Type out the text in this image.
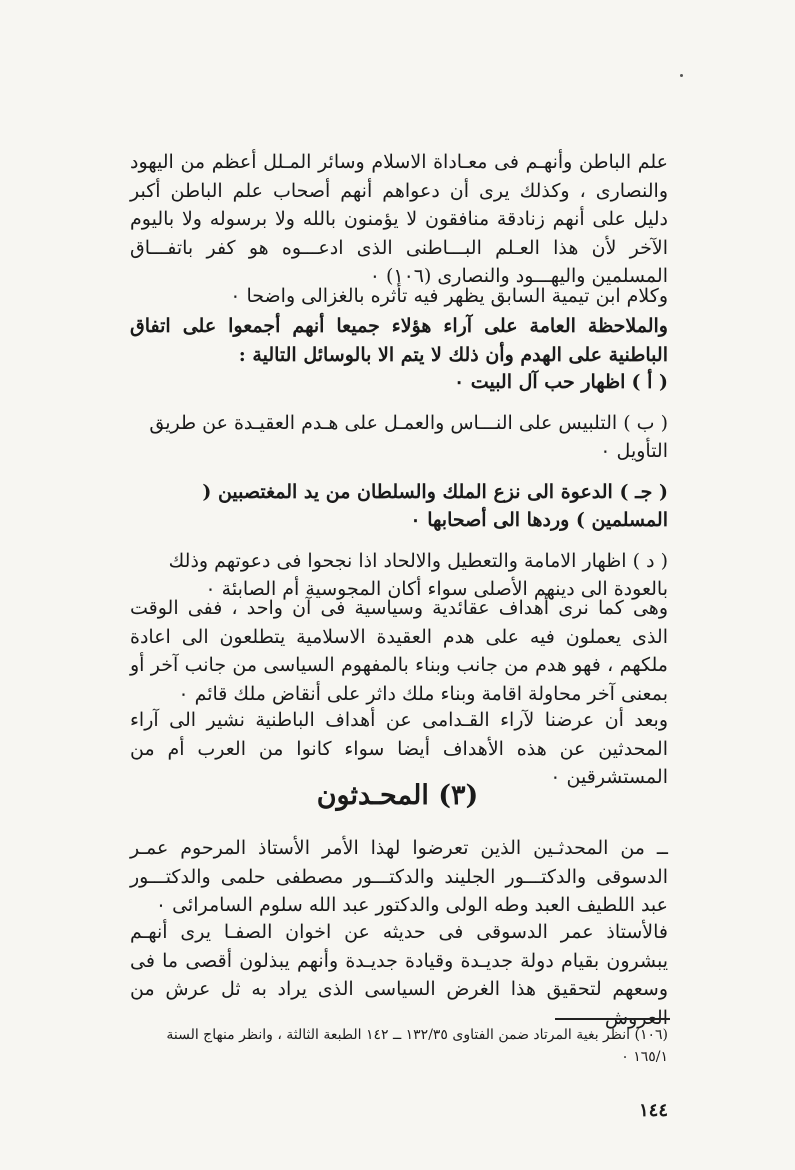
علم الباطن وأنهـم فى معـاداة الاسلام وسائر المـلل أعظم من اليهود والنصارى ، وكذلك يرى أن دعواهم أنهم أصحاب علم الباطن أكبر دليل على أنهم زنادقة منافقون لا يؤمنون بالله ولا برسوله ولا باليوم الآخر لأن هذا العـلم البـــاطنى الذى ادعـــوه هو كفر باتفـــاق المسلمين واليهـــود والنصارى (١٠٦) ٠

وكلام ابن تيمية السابق يظهر فيه تأثره بالغزالى واضحا ٠

والملاحظة العامة على آراء هؤلاء جميعا أنهم أجمعوا على اتفاق الباطنية على الهدم وأن ذلك لا يتم الا بالوسائل التالية :

( أ ) اظهار حب آل البيت ٠
( ب ) التلبيس على النـــاس والعمـل على هـدم العقيـدة عن طريق التأويل ٠
( جـ ) الدعوة الى نزع الملك والسلطان من يد المغتصبين ( المسلمين ) وردها الى أصحابها ٠
( د ) اظهار الامامة والتعطيل والالحاد اذا نجحوا فى دعوتهم وذلك بالعودة الى دينهم الأصلى سواء أكان المجوسية أم الصابئة ٠

وهى كما نرى أهداف عقائدية وسياسية فى آن واحد ، ففى الوقت الذى يعملون فيه على هدم العقيدة الاسلامية يتطلعون الى اعادة ملكهم ، فهو هدم من جانب وبناء بالمفهوم السياسى من جانب آخر أو بمعنى آخر محاولة اقامة وبناء ملك داثر على أنقاض ملك قائم ٠

وبعد أن عرضنا لآراء القـدامى عن أهداف الباطنية نشير الى آراء المحدثين عن هذه الأهداف أيضا سواء كانوا من العرب أم من المستشرقين ٠

(٣) المحـدثون

ــ من المحدثـين الذين تعرضوا لهذا الأمر الأستاذ المرحوم عمـر الدسوقى والدكتـــور الجليند والدكتـــور مصطفى حلمى والدكتـــور عبد اللطيف العبد وطه الولى والدكتور عبد الله سلوم السامرائى ٠

فالأستاذ عمر الدسوقى فى حديثه عن اخوان الصفـا يرى أنهـم يبشرون بقيام دولة جديـدة وقيادة جديـدة وأنهم يبذلون أقصى ما فى وسعهم لتحقيق هذا الغرض السياسى الذى يراد به ثل عرش من العروش

(١٠٦) انظر بغية المرتاد ضمن الفتاوى ١٣٢/٣٥ ــ ١٤٢ الطبعة الثالثة ، وانظر منهاج السنة ١٦٥/١ ٠

١٤٤
